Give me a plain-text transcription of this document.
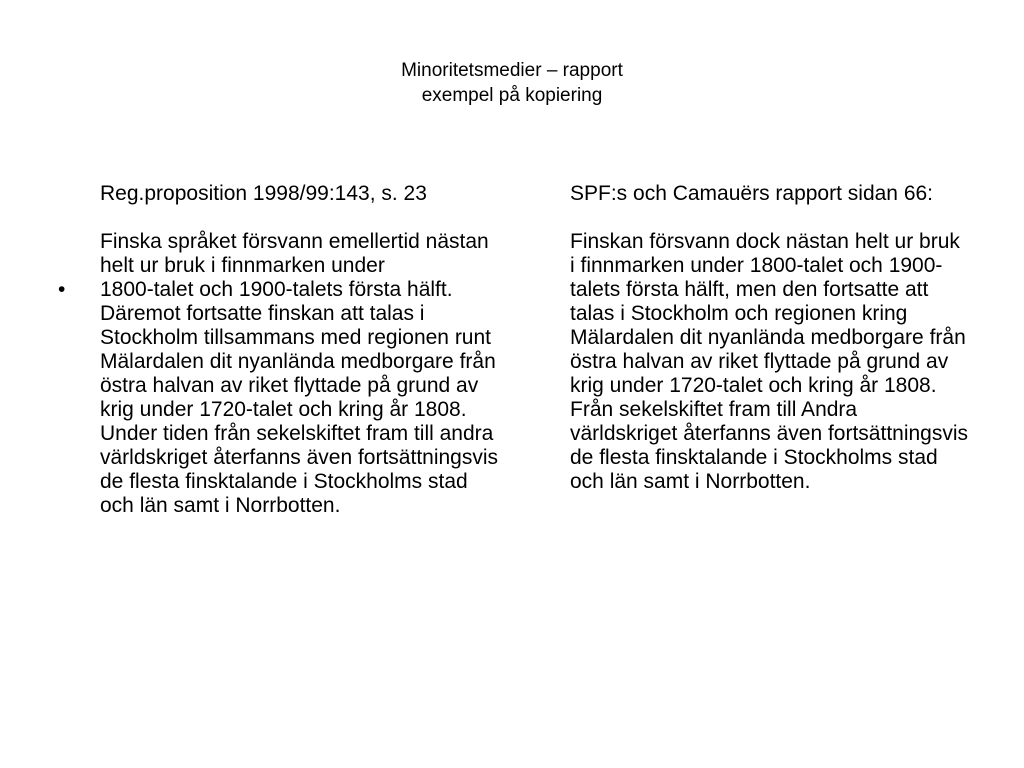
Minoritetsmedier – rapport
exempel på kopiering

Reg.proposition 1998/99:143, s. 23

Finska språket försvann emellertid nästan helt ur bruk i finnmarken under

• 1800-talet och 1900-talets första hälft. Däremot fortsatte finskan att talas i Stockholm tillsammans med regionen runt Mälardalen dit nyanlända medborgare från östra halvan av riket flyttade på grund av krig under 1720-talet och kring år 1808. Under tiden från sekelskiftet fram till andra världskriget återfanns även fortsättningsvis de flesta finsktalande i Stockholms stad och län samt i Norrbotten.

SPF:s och Camauërs rapport sidan 66:

Finskan försvann dock nästan helt ur bruk i finnmarken under 1800-talet och 1900-talets första hälft, men den fortsatte att talas i Stockholm och regionen kring Mälardalen dit nyanlända medborgare från östra halvan av riket flyttade på grund av krig under 1720-talet och kring år 1808. Från sekelskiftet fram till Andra världskriget återfanns även fortsättningsvis de flesta finsktalande i Stockholms stad och län samt i Norrbotten.
